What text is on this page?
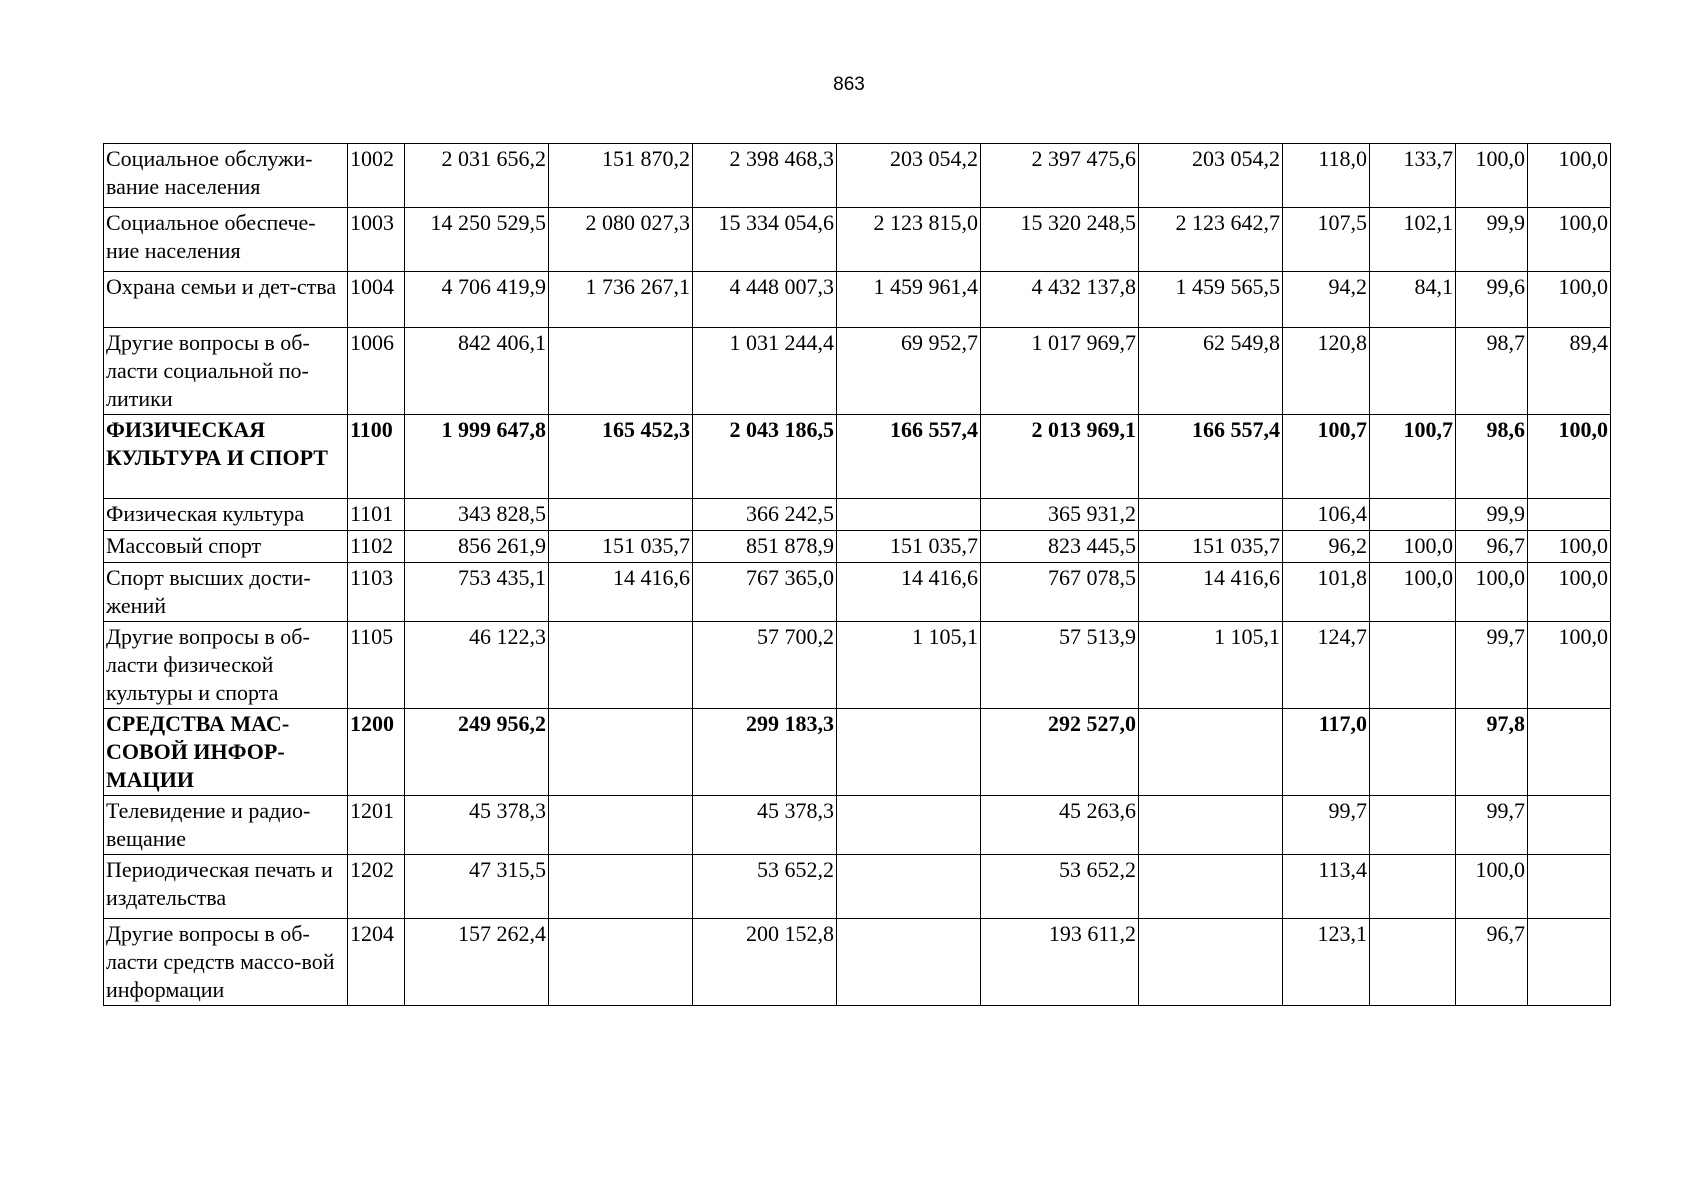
863
Социальное обслужи-вание населения	1002	2 031 656,2	151 870,2	2 398 468,3	203 054,2	2 397 475,6	203 054,2	118,0	133,7	100,0	100,0
Социальное обеспече-ние населения	1003	14 250 529,5	2 080 027,3	15 334 054,6	2 123 815,0	15 320 248,5	2 123 642,7	107,5	102,1	99,9	100,0
Охрана семьи и дет-ства	1004	4 706 419,9	1 736 267,1	4 448 007,3	1 459 961,4	4 432 137,8	1 459 565,5	94,2	84,1	99,6	100,0
Другие вопросы в об-ласти социальной по-литики	1006	842 406,1		1 031 244,4	69 952,7	1 017 969,7	62 549,8	120,8		98,7	89,4
ФИЗИЧЕСКАЯ КУЛЬТУРА И СПОРТ	1100	1 999 647,8	165 452,3	2 043 186,5	166 557,4	2 013 969,1	166 557,4	100,7	100,7	98,6	100,0
Физическая культура	1101	343 828,5		366 242,5		365 931,2		106,4		99,9	
Массовый спорт	1102	856 261,9	151 035,7	851 878,9	151 035,7	823 445,5	151 035,7	96,2	100,0	96,7	100,0
Спорт высших дости-жений	1103	753 435,1	14 416,6	767 365,0	14 416,6	767 078,5	14 416,6	101,8	100,0	100,0	100,0
Другие вопросы в об-ласти физической культуры и спорта	1105	46 122,3		57 700,2	1 105,1	57 513,9	1 105,1	124,7		99,7	100,0
СРЕДСТВА МАС-СОВОЙ ИНФОР-МАЦИИ	1200	249 956,2		299 183,3		292 527,0		117,0		97,8	
Телевидение и радио-вещание	1201	45 378,3		45 378,3		45 263,6		99,7		99,7	
Периодическая печать и издательства	1202	47 315,5		53 652,2		53 652,2		113,4		100,0	
Другие вопросы в об-ласти средств массо-вой информации	1204	157 262,4		200 152,8		193 611,2		123,1		96,7	
